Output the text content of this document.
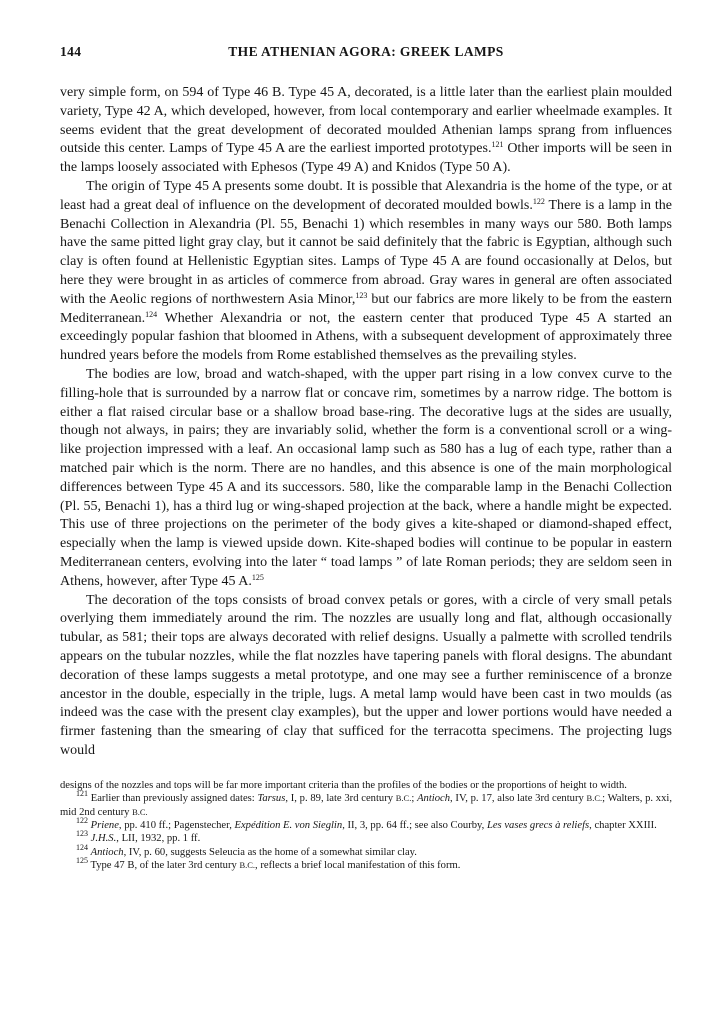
144	THE ATHENIAN AGORA: GREEK LAMPS

very simple form, on 594 of Type 46 B. Type 45 A, decorated, is a little later than the earliest plain moulded variety, Type 42 A, which developed, however, from local contemporary and earlier wheelmade examples. It seems evident that the great development of decorated moulded Athenian lamps sprang from influences outside this center. Lamps of Type 45 A are the earliest imported prototypes.$^{121}$ Other imports will be seen in the lamps loosely associated with Ephesos (Type 49 A) and Knidos (Type 50 A).

The origin of Type 45 A presents some doubt. It is possible that Alexandria is the home of the type, or at least had a great deal of influence on the development of decorated moulded bowls.$^{122}$ There is a lamp in the Benachi Collection in Alexandria (Pl. 55, Benachi 1) which resembles in many ways our 580. Both lamps have the same pitted light gray clay, but it cannot be said definitely that the fabric is Egyptian, although such clay is often found at Hellenistic Egyptian sites. Lamps of Type 45 A are found occasionally at Delos, but here they were brought in as articles of commerce from abroad. Gray wares in general are often associated with the Aeolic regions of northwestern Asia Minor,$^{123}$ but our fabrics are more likely to be from the eastern Mediterranean.$^{124}$ Whether Alexandria or not, the eastern center that produced Type 45 A started an exceedingly popular fashion that bloomed in Athens, with a subsequent development of approximately three hundred years before the models from Rome established themselves as the prevailing styles.

The bodies are low, broad and watch-shaped, with the upper part rising in a low convex curve to the filling-hole that is surrounded by a narrow flat or concave rim, sometimes by a narrow ridge. The bottom is either a flat raised circular base or a shallow broad base-ring. The decorative lugs at the sides are usually, though not always, in pairs; they are invariably solid, whether the form is a conventional scroll or a wing-like projection impressed with a leaf. An occasional lamp such as 580 has a lug of each type, rather than a matched pair which is the norm. There are no handles, and this absence is one of the main morphological differences between Type 45 A and its successors. 580, like the comparable lamp in the Benachi Collection (Pl. 55, Benachi 1), has a third lug or wing-shaped projection at the back, where a handle might be expected. This use of three projections on the perimeter of the body gives a kite-shaped or diamond-shaped effect, especially when the lamp is viewed upside down. Kite-shaped bodies will continue to be popular in eastern Mediterranean centers, evolving into the later “ toad lamps ” of late Roman periods; they are seldom seen in Athens, however, after Type 45 A.$^{125}$

The decoration of the tops consists of broad convex petals or gores, with a circle of very small petals overlying them immediately around the rim. The nozzles are usually long and flat, although occasionally tubular, as 581; their tops are always decorated with relief designs. Usually a palmette with scrolled tendrils appears on the tubular nozzles, while the flat nozzles have tapering panels with floral designs. The abundant decoration of these lamps suggests a metal prototype, and one may see a further reminiscence of a bronze ancestor in the double, especially in the triple, lugs. A metal lamp would have been cast in two moulds (as indeed was the case with the present clay examples), but the upper and lower portions would have needed a firmer fastening than the smearing of clay that sufficed for the terracotta specimens. The projecting lugs would

designs of the nozzles and tops will be far more important criteria than the profiles of the bodies or the proportions of height to width.

$^{121}$ Earlier than previously assigned dates: Tarsus, I, p. 89, late 3rd century B.C.; Antioch, IV, p. 17, also late 3rd century B.C.; Walters, p. xxi, mid 2nd century B.C.

$^{122}$ Priene, pp. 410 ff.; Pagenstecher, Expédition E. von Sieglin, II, 3, pp. 64 ff.; see also Courby, Les vases grecs à reliefs, chapter XXIII.

$^{123}$ J.H.S., LII, 1932, pp. 1 ff.

$^{124}$ Antioch, IV, p. 60, suggests Seleucia as the home of a somewhat similar clay.

$^{125}$ Type 47 B, of the later 3rd century B.C., reflects a brief local manifestation of this form.
